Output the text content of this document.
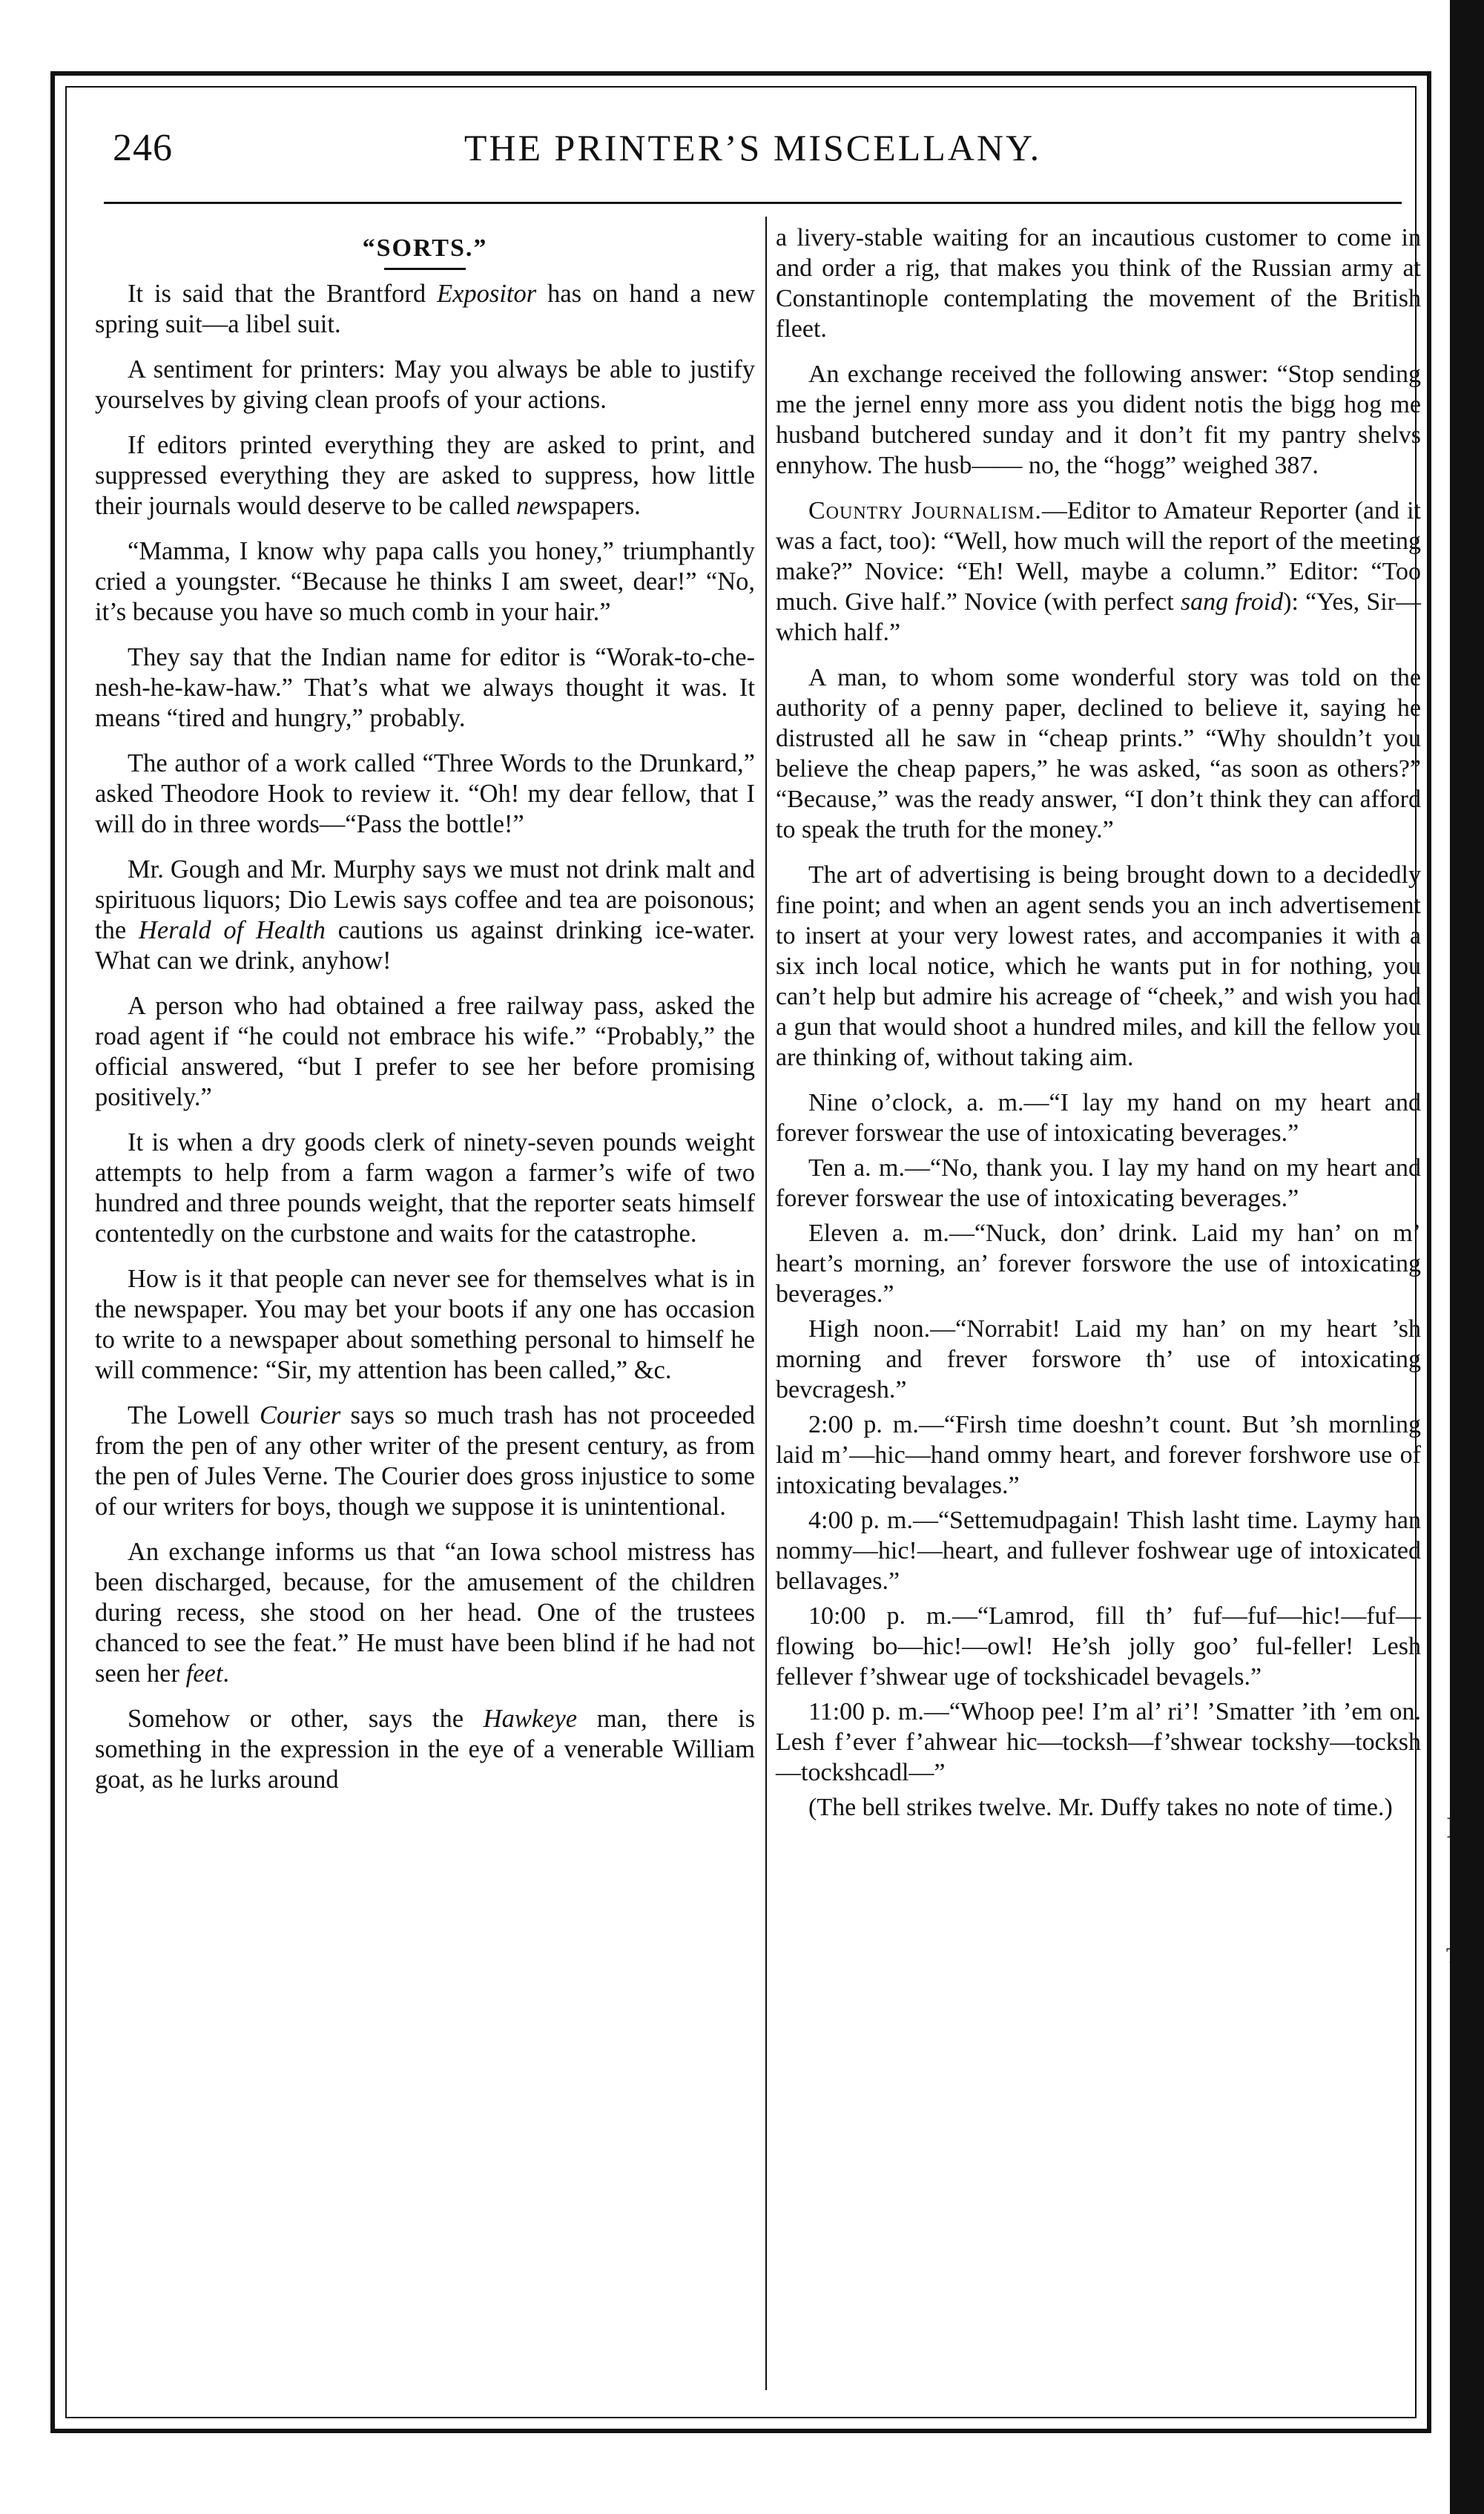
246	THE PRINTER’S MISCELLANY.
“SORTS.”

It is said that the Brantford Expositor has on hand a new spring suit—a libel suit.

A sentiment for printers: May you always be able to justify yourselves by giving clean proofs of your actions.

If editors printed everything they are asked to print, and suppressed everything they are asked to suppress, how little their journals would deserve to be called newspapers.

“Mamma, I know why papa calls you honey,” triumphantly cried a youngster. “Because he thinks I am sweet, dear!” “No, it’s because you have so much comb in your hair.”

They say that the Indian name for editor is “Worak-to-che-nesh-he-kaw-haw.” That’s what we always thought it was. It means “tired and hungry,” probably.

The author of a work called “Three Words to the Drunkard,” asked Theodore Hook to review it. “Oh! my dear fellow, that I will do in three words—“Pass the bottle!”

Mr. Gough and Mr. Murphy says we must not drink malt and spirituous liquors; Dio Lewis says coffee and tea are poisonous; the Herald of Health cautions us against drinking ice-water. What can we drink, anyhow!

A person who had obtained a free railway pass, asked the road agent if “he could not embrace his wife.” “Probably,” the official answered, “but I prefer to see her before promising positively.”

It is when a dry goods clerk of ninety-seven pounds weight attempts to help from a farm wagon a farmer’s wife of two hundred and three pounds weight, that the reporter seats himself contentedly on the curbstone and waits for the catastrophe.

How is it that people can never see for themselves what is in the newspaper. You may bet your boots if any one has occasion to write to a newspaper about something personal to himself he will commence: “Sir, my attention has been called,” &c.

The Lowell Courier says so much trash has not proceeded from the pen of any other writer of the present century, as from the pen of Jules Verne. The Courier does gross injustice to some of our writers for boys, though we suppose it is unintentional.

An exchange informs us that “an Iowa school mistress has been discharged, because, for the amusement of the children during recess, she stood on her head. One of the trustees chanced to see the feat.” He must have been blind if he had not seen her feet.

Somehow or other, says the Hawkeye man, there is something in the expression in the eye of a venerable William goat, as he lurks around

a livery-stable waiting for an incautious customer to come in and order a rig, that makes you think of the Russian army at Constantinople contemplating the movement of the British fleet.

An exchange received the following answer: “Stop sending me the jernel enny more ass you dident notis the bigg hog me husband butchered sunday and it don’t fit my pantry shelvs ennyhow. The husb—— no, the “hogg” weighed 387.

Country Journalism.—Editor to Amateur Reporter (and it was a fact, too): “Well, how much will the report of the meeting make?” Novice: “Eh! Well, maybe a column.” Editor: “Too much. Give half.” Novice (with perfect sang froid): “Yes, Sir—which half.”

A man, to whom some wonderful story was told on the authority of a penny paper, declined to believe it, saying he distrusted all he saw in “cheap prints.” “Why shouldn’t you believe the cheap papers,” he was asked, “as soon as others?” “Because,” was the ready answer, “I don’t think they can afford to speak the truth for the money.”

The art of advertising is being brought down to a decidedly fine point; and when an agent sends you an inch advertisement to insert at your very lowest rates, and accompanies it with a six inch local notice, which he wants put in for nothing, you can’t help but admire his acreage of “cheek,” and wish you had a gun that would shoot a hundred miles, and kill the fellow you are thinking of, without taking aim.

Nine o’clock, a. m.—“I lay my hand on my heart and forever forswear the use of intoxicating beverages.”

Ten a. m.—“No, thank you. I lay my hand on my heart and forever forswear the use of intoxicating beverages.”

Eleven a. m.—“Nuck, don’ drink. Laid my han’ on m’ heart’s morning, an’ forever forswore the use of intoxicating beverages.”

High noon.—“Norrabit! Laid my han’ on my heart ’sh morning and frever forswore th’ use of intoxicating bevcragesh.”

2:00 p. m.—“Firsh time doeshn’t count. But ’sh mornling laid m’—hic—hand ommy heart, and forever forshwore use of intoxicating bevalages.”

4:00 p. m.—“Settemudpagain! Thish lasht time. Laymy han nommy—hic!—heart, and fullever foshwear uge of intoxicated bellavages.”

10:00 p. m.—“Lamrod, fill th’ fuf—fuf—hic!—fuf—flowing bo—hic!—owl! He’sh jolly goo’ ful-feller! Lesh fellever f’shwear uge of tockshicadel bevagels.”

11:00 p. m.—“Whoop pee! I’m al’ ri’! ’Smatter ’ith ’em on. Lesh f’ever f’ahwear hic—tocksh—f’shwear tockshy—tocksh—tockshcadl—”

(The bell strikes twelve. Mr. Duffy takes no note of time.)

I
Th
